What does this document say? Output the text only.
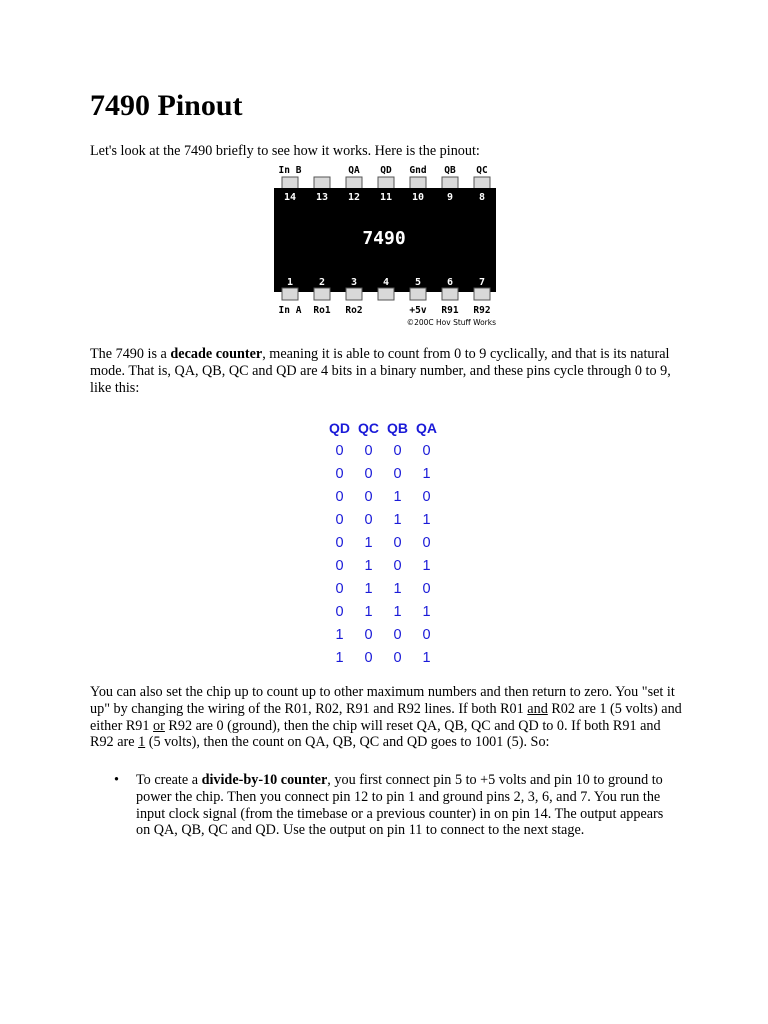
7490 Pinout

Let's look at the 7490 briefly to see how it works. Here is the pinout:

In B	QA QD Gnd QB QC
14 13 12 11 10 9	8
7490
1	2	3	4	5	6	7
In A Ro1 Ro2	+5v R91 R92
©200C Hov Stuff Works

The 7490 is a decade counter, meaning it is able to count from 0 to 9 cyclically, and that is its natural mode. That is, QA, QB, QC and QD are 4 bits in a binary number, and these pins cycle through 0 to 9, like this:

QD QC QB QA
0	0	0	0
0	0	0	1
0	0	1	0
0	0	1	1
0	1	0	0
0	1	0	1
0	1	1	0
0	1	1	1
1	0	0	0
1	0	0	1

You can also set the chip up to count up to other maximum numbers and then return to zero. You "set it up" by changing the wiring of the R01, R02, R91 and R92 lines. If both R01 and R02 are 1 (5 volts) and either R91 or R92 are 0 (ground), then the chip will reset QA, QB, QC and QD to 0. If both R91 and R92 are 1 (5 volts), then the count on QA, QB, QC and QD goes to 1001 (5). So:

• To create a divide-by-10 counter, you first connect pin 5 to +5 volts and pin 10 to ground to power the chip. Then you connect pin 12 to pin 1 and ground pins 2, 3, 6, and 7. You run the input clock signal (from the timebase or a previous counter) in on pin 14. The output appears on QA, QB, QC and QD. Use the output on pin 11 to connect to the next stage.
